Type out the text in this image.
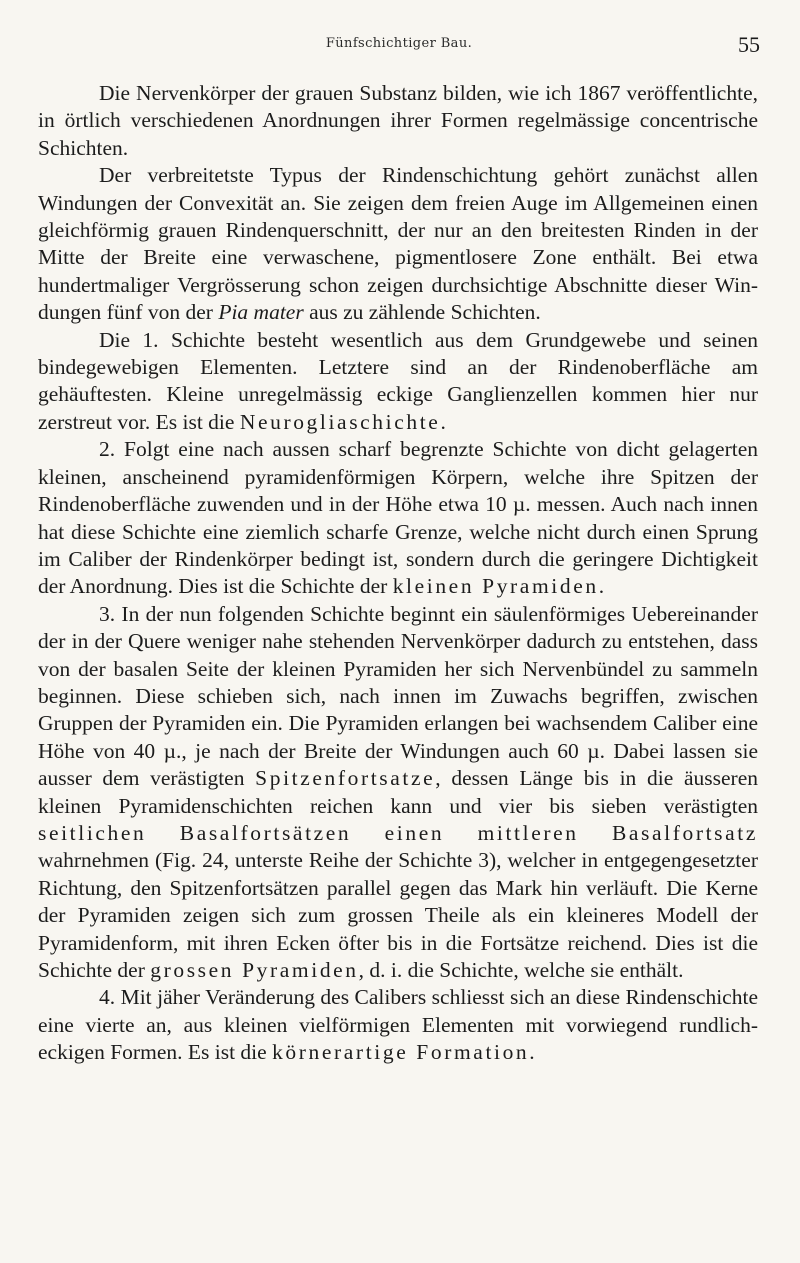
Fünfschichtiger Bau.	55

Die Nervenkörper der grauen Substanz bilden, wie ich 1867 veröffentlichte, in örtlich verschiedenen Anordnungen ihrer Formen regelmässige concentrische Schichten.

Der verbreitetste Typus der Rindenschichtung gehört zunächst allen Windungen der Convexität an. Sie zeigen dem freien Auge im Allgemeinen einen gleichförmig grauen Rindenquerschnitt, der nur an den breitesten Rinden in der Mitte der Breite eine verwaschene, pigmentlosere Zone enthält. Bei etwa hundertmaliger Vergrösserung schon zeigen durchsichtige Abschnitte dieser Windungen fünf von der Pia mater aus zu zählende Schichten.

Die 1. Schichte besteht wesentlich aus dem Grundgewebe und seinen bindegewebigen Elementen. Letztere sind an der Rindenoberfläche am gehäuftesten. Kleine unregelmässig eckige Ganglienzellen kommen hier nur zerstreut vor. Es ist die Neurogliaschichte.

2. Folgt eine nach aussen scharf begrenzte Schichte von dicht gelagerten kleinen, anscheinend pyramidenförmigen Körpern, welche ihre Spitzen der Rindenoberfläche zuwenden und in der Höhe etwa 10 µ. messen. Auch nach innen hat diese Schichte eine ziemlich scharfe Grenze, welche nicht durch einen Sprung im Caliber der Rindenkörper bedingt ist, sondern durch die geringere Dichtigkeit der Anordnung. Dies ist die Schichte der kleinen Pyramiden.

3. In der nun folgenden Schichte beginnt ein säulenförmiges Uebereinander der in der Quere weniger nahe stehenden Nervenkörper dadurch zu entstehen, dass von der basalen Seite der kleinen Pyramiden her sich Nervenbündel zu sammeln beginnen. Diese schieben sich, nach innen im Zuwachs begriffen, zwischen Gruppen der Pyramiden ein. Die Pyramiden erlangen bei wachsendem Caliber eine Höhe von 40 µ., je nach der Breite der Windungen auch 60 µ. Dabei lassen sie ausser dem verästigten Spitzenfortsatze, dessen Länge bis in die äusseren kleinen Pyramidenschichten reichen kann und vier bis sieben verästigten seitlichen Basalfortsätzen einen mittleren Basalfortsatz wahrnehmen (Fig. 24, unterste Reihe der Schichte 3), welcher in entgegengesetzter Richtung, den Spitzenfortsätzen parallel gegen das Mark hin verläuft. Die Kerne der Pyramiden zeigen sich zum grossen Theile als ein kleineres Modell der Pyramidenform, mit ihren Ecken öfter bis in die Fortsätze reichend. Dies ist die Schichte der grossen Pyramiden, d. i. die Schichte, welche sie enthält.

4. Mit jäher Veränderung des Calibers schliesst sich an diese Rindenschichte eine vierte an, aus kleinen vielförmigen Elementen mit vorwiegend rundlich-eckigen Formen. Es ist die körnerartige Formation.
